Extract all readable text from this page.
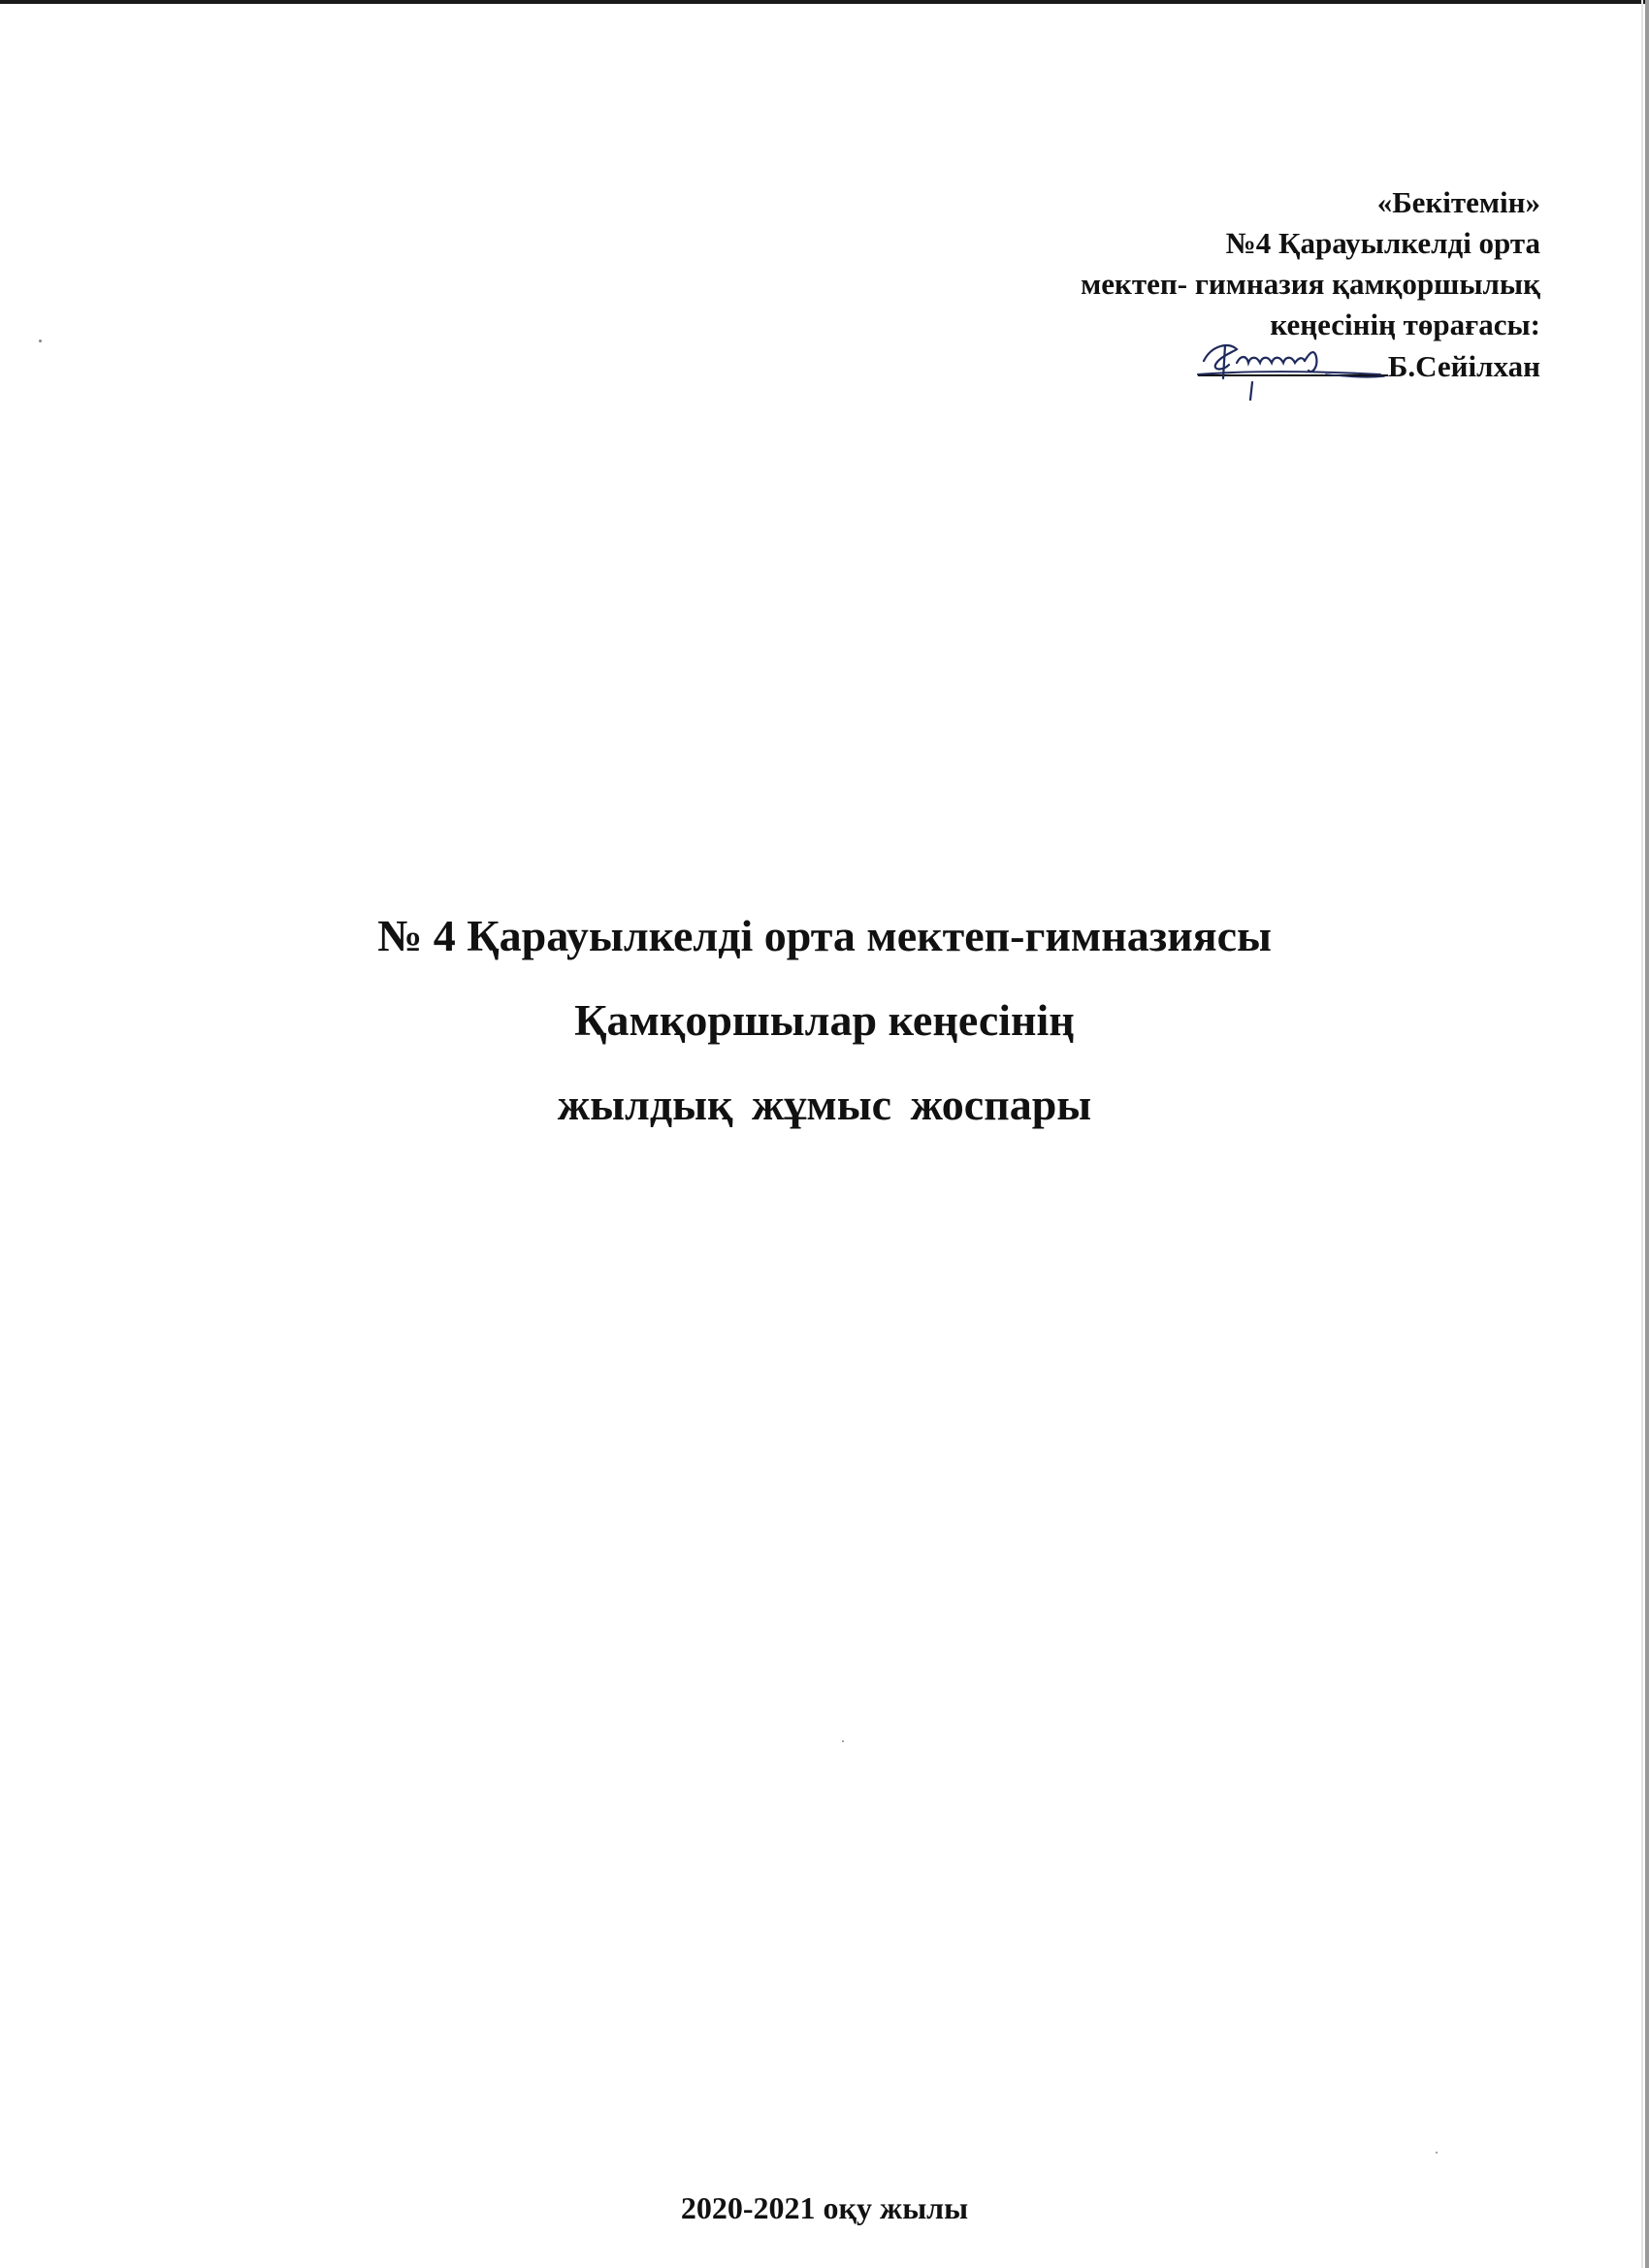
«Бекітемін»
№4 Қарауылкелді орта
мектеп- гимназия қамқоршылық
кеңесінің төрағасы:
Б.Сейілхан
№ 4 Қарауылкелді орта мектеп-гимназиясы
Қамқоршылар кеңесінің
жылдық жұмыс жоспары
2020-2021 оқу жылы
